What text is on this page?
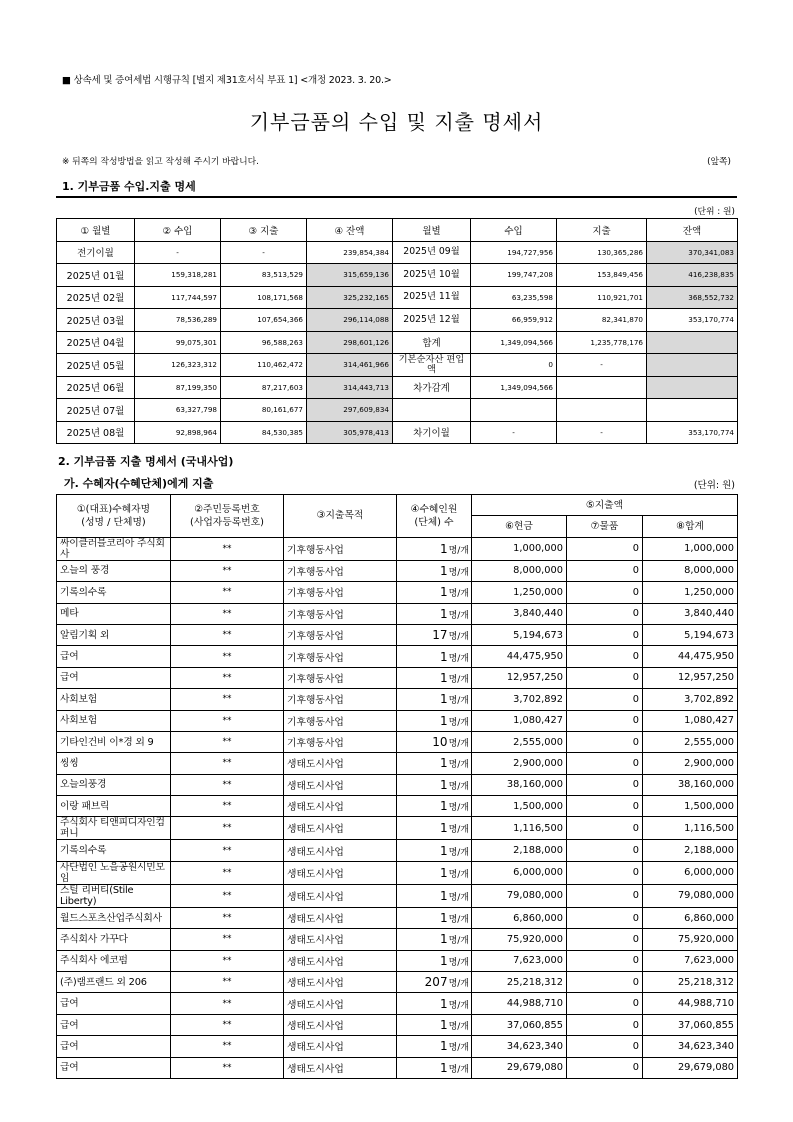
■ 상속세 및 증여세법 시행규칙 [별지 제31호서식 부표 1] <개정 2023. 3. 20.>
기부금품의 수입 및 지출 명세서
※ 뒤쪽의 작성방법을 읽고 작성해 주시기 바랍니다.	(앞쪽)
1. 기부금품 수입.지출 명세
(단위 : 원)
① 월별	② 수입	③ 지출	④ 잔액	월별	수입	지출	잔액
전기이월	-	-	239,854,384	2025년 09월	194,727,956	130,365,286	370,341,083
2025년 01월	159,318,281	83,513,529	315,659,136	2025년 10월	199,747,208	153,849,456	416,238,835
2025년 02월	117,744,597	108,171,568	325,232,165	2025년 11월	63,235,598	110,921,701	368,552,732
2025년 03월	78,536,289	107,654,366	296,114,088	2025년 12월	66,959,912	82,341,870	353,170,774
2025년 04월	99,075,301	96,588,263	298,601,126	합계	1,349,094,566	1,235,778,176	
2025년 05월	126,323,312	110,462,472	314,461,966	기본순자산 편입액	0	-	
2025년 06월	87,199,350	87,217,603	314,443,713	차가감계	1,349,094,566		
2025년 07월	63,327,798	80,161,677	297,609,834				
2025년 08월	92,898,964	84,530,385	305,978,413	차기이월	-	-	353,170,774
2. 기부금품 지출 명세서 (국내사업)
가. 수혜자(수혜단체)에게 지출	(단위: 원)
①(대표)수혜자명
(성명 / 단체명)	②주민등록번호
(사업자등록번호)	③지출목적	④수혜인원
(단체) 수	⑤지출액		
				⑥현금	⑦물품	⑧합계
싸이클러블코리아 주식회사	**	기후행동사업	1명/개	1,000,000	0	1,000,000
오늘의 풍경	**	기후행동사업	1명/개	8,000,000	0	8,000,000
기록의수록	**	기후행동사업	1명/개	1,250,000	0	1,250,000
메타	**	기후행동사업	1명/개	3,840,440	0	3,840,440
알림기획 외	**	기후행동사업	17명/개	5,194,673	0	5,194,673
급여	**	기후행동사업	1명/개	44,475,950	0	44,475,950
급여	**	기후행동사업	1명/개	12,957,250	0	12,957,250
사회보험	**	기후행동사업	1명/개	3,702,892	0	3,702,892
사회보험	**	기후행동사업	1명/개	1,080,427	0	1,080,427
기타인건비 이*경 외 9	**	기후행동사업	10명/개	2,555,000	0	2,555,000
씽씽	**	생태도시사업	1명/개	2,900,000	0	2,900,000
오늘의풍경	**	생태도시사업	1명/개	38,160,000	0	38,160,000
이랑 패브릭	**	생태도시사업	1명/개	1,500,000	0	1,500,000
주식회사 티앤피디자인컴퍼니	**	생태도시사업	1명/개	1,116,500	0	1,116,500
기록의수록	**	생태도시사업	1명/개	2,188,000	0	2,188,000
사단법인 노을공원시민모임	**	생태도시사업	1명/개	6,000,000	0	6,000,000
스틸 리버티(Stile Liberty)	**	생태도시사업	1명/개	79,080,000	0	79,080,000
월드스포츠산업주식회사	**	생태도시사업	1명/개	6,860,000	0	6,860,000
주식회사 가꾸다	**	생태도시사업	1명/개	75,920,000	0	75,920,000
주식회사 에코펌	**	생태도시사업	1명/개	7,623,000	0	7,623,000
(주)램프랜드 외 206	**	생태도시사업	207명/개	25,218,312	0	25,218,312
급여	**	생태도시사업	1명/개	44,988,710	0	44,988,710
급여	**	생태도시사업	1명/개	37,060,855	0	37,060,855
급여	**	생태도시사업	1명/개	34,623,340	0	34,623,340
급여	**	생태도시사업	1명/개	29,679,080	0	29,679,080
